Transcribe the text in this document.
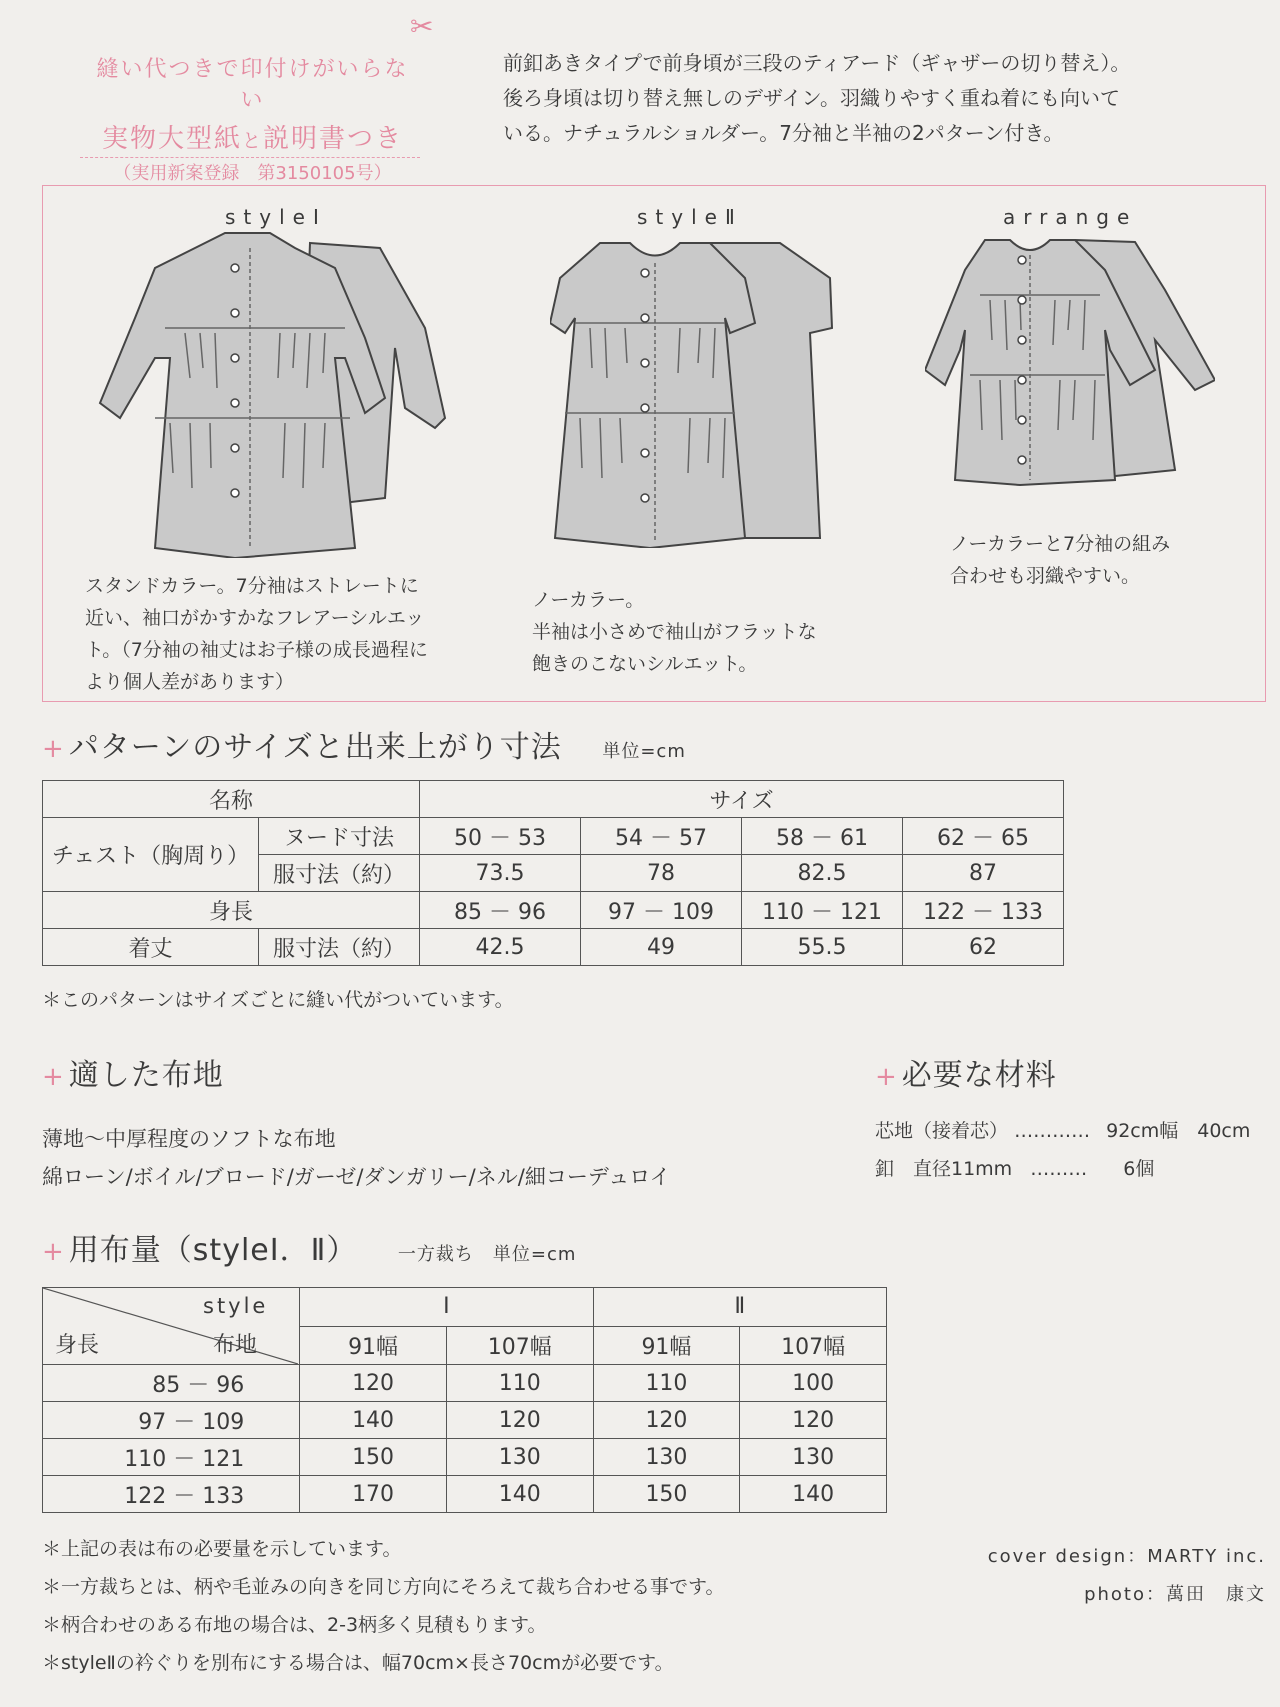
縫い代つきで印付けがいらない
実物大型紙と説明書つき
（実用新案登録　第3150105号）
✂
前釦あきタイプで前身頃が三段のティアード（ギャザーの切り替え）。
後ろ身頃は切り替え無しのデザイン。羽織りやすく重ね着にも向いて
いる。ナチュラルショルダー。7分袖と半袖の2パターン付き。
styleⅠ	styleⅡ	arrange
スタンドカラー。7分袖はストレートに
近い、袖口がかすかなフレアーシルエッ
ト。（7分袖の袖丈はお子様の成長過程に
より個人差があります）
ノーカラー。
半袖は小さめで袖山がフラットな
飽きのこないシルエット。
ノーカラーと7分袖の組み
合わせも羽織やすい。
+ パターンのサイズと出来上がり寸法 単位=cm
名称		サイズ			
チェスト（胸周り）	ヌード寸法	50 － 53	54 － 57	58 － 61	62 － 65
	服寸法（約）	73.5	78	82.5	87
身長		85 － 96	97 － 109	110 － 121	122 － 133
着丈	服寸法（約）	42.5	49	55.5	62
＊このパターンはサイズごとに縫い代がついています。
+ 適した布地
薄地～中厚程度のソフトな布地
綿ローン/ボイル/ブロード/ガーゼ/ダンガリー/ネル/細コーデュロイ
+ 必要な材料
芯地（接着芯） ………… 92cm幅　40cm
釦　直径11mm ……… 6個
+ 用布量（styleⅠ．Ⅱ） 一方裁ち　単位=cm
style
身長 布地	Ⅰ		Ⅱ	
	91幅	107幅	91幅	107幅
85 － 96	120	110	110	100
97 － 109	140	120	120	120
110 － 121	150	130	130	130
122 － 133	170	140	150	140
＊上記の表は布の必要量を示しています。
＊一方裁ちとは、柄や毛並みの向きを同じ方向にそろえて裁ち合わせる事です。
＊柄合わせのある布地の場合は、2-3柄多く見積もります。
＊styleⅡの衿ぐりを別布にする場合は、幅70cm×長さ70cmが必要です。
cover design：MARTY inc.
photo：萬田　康文
